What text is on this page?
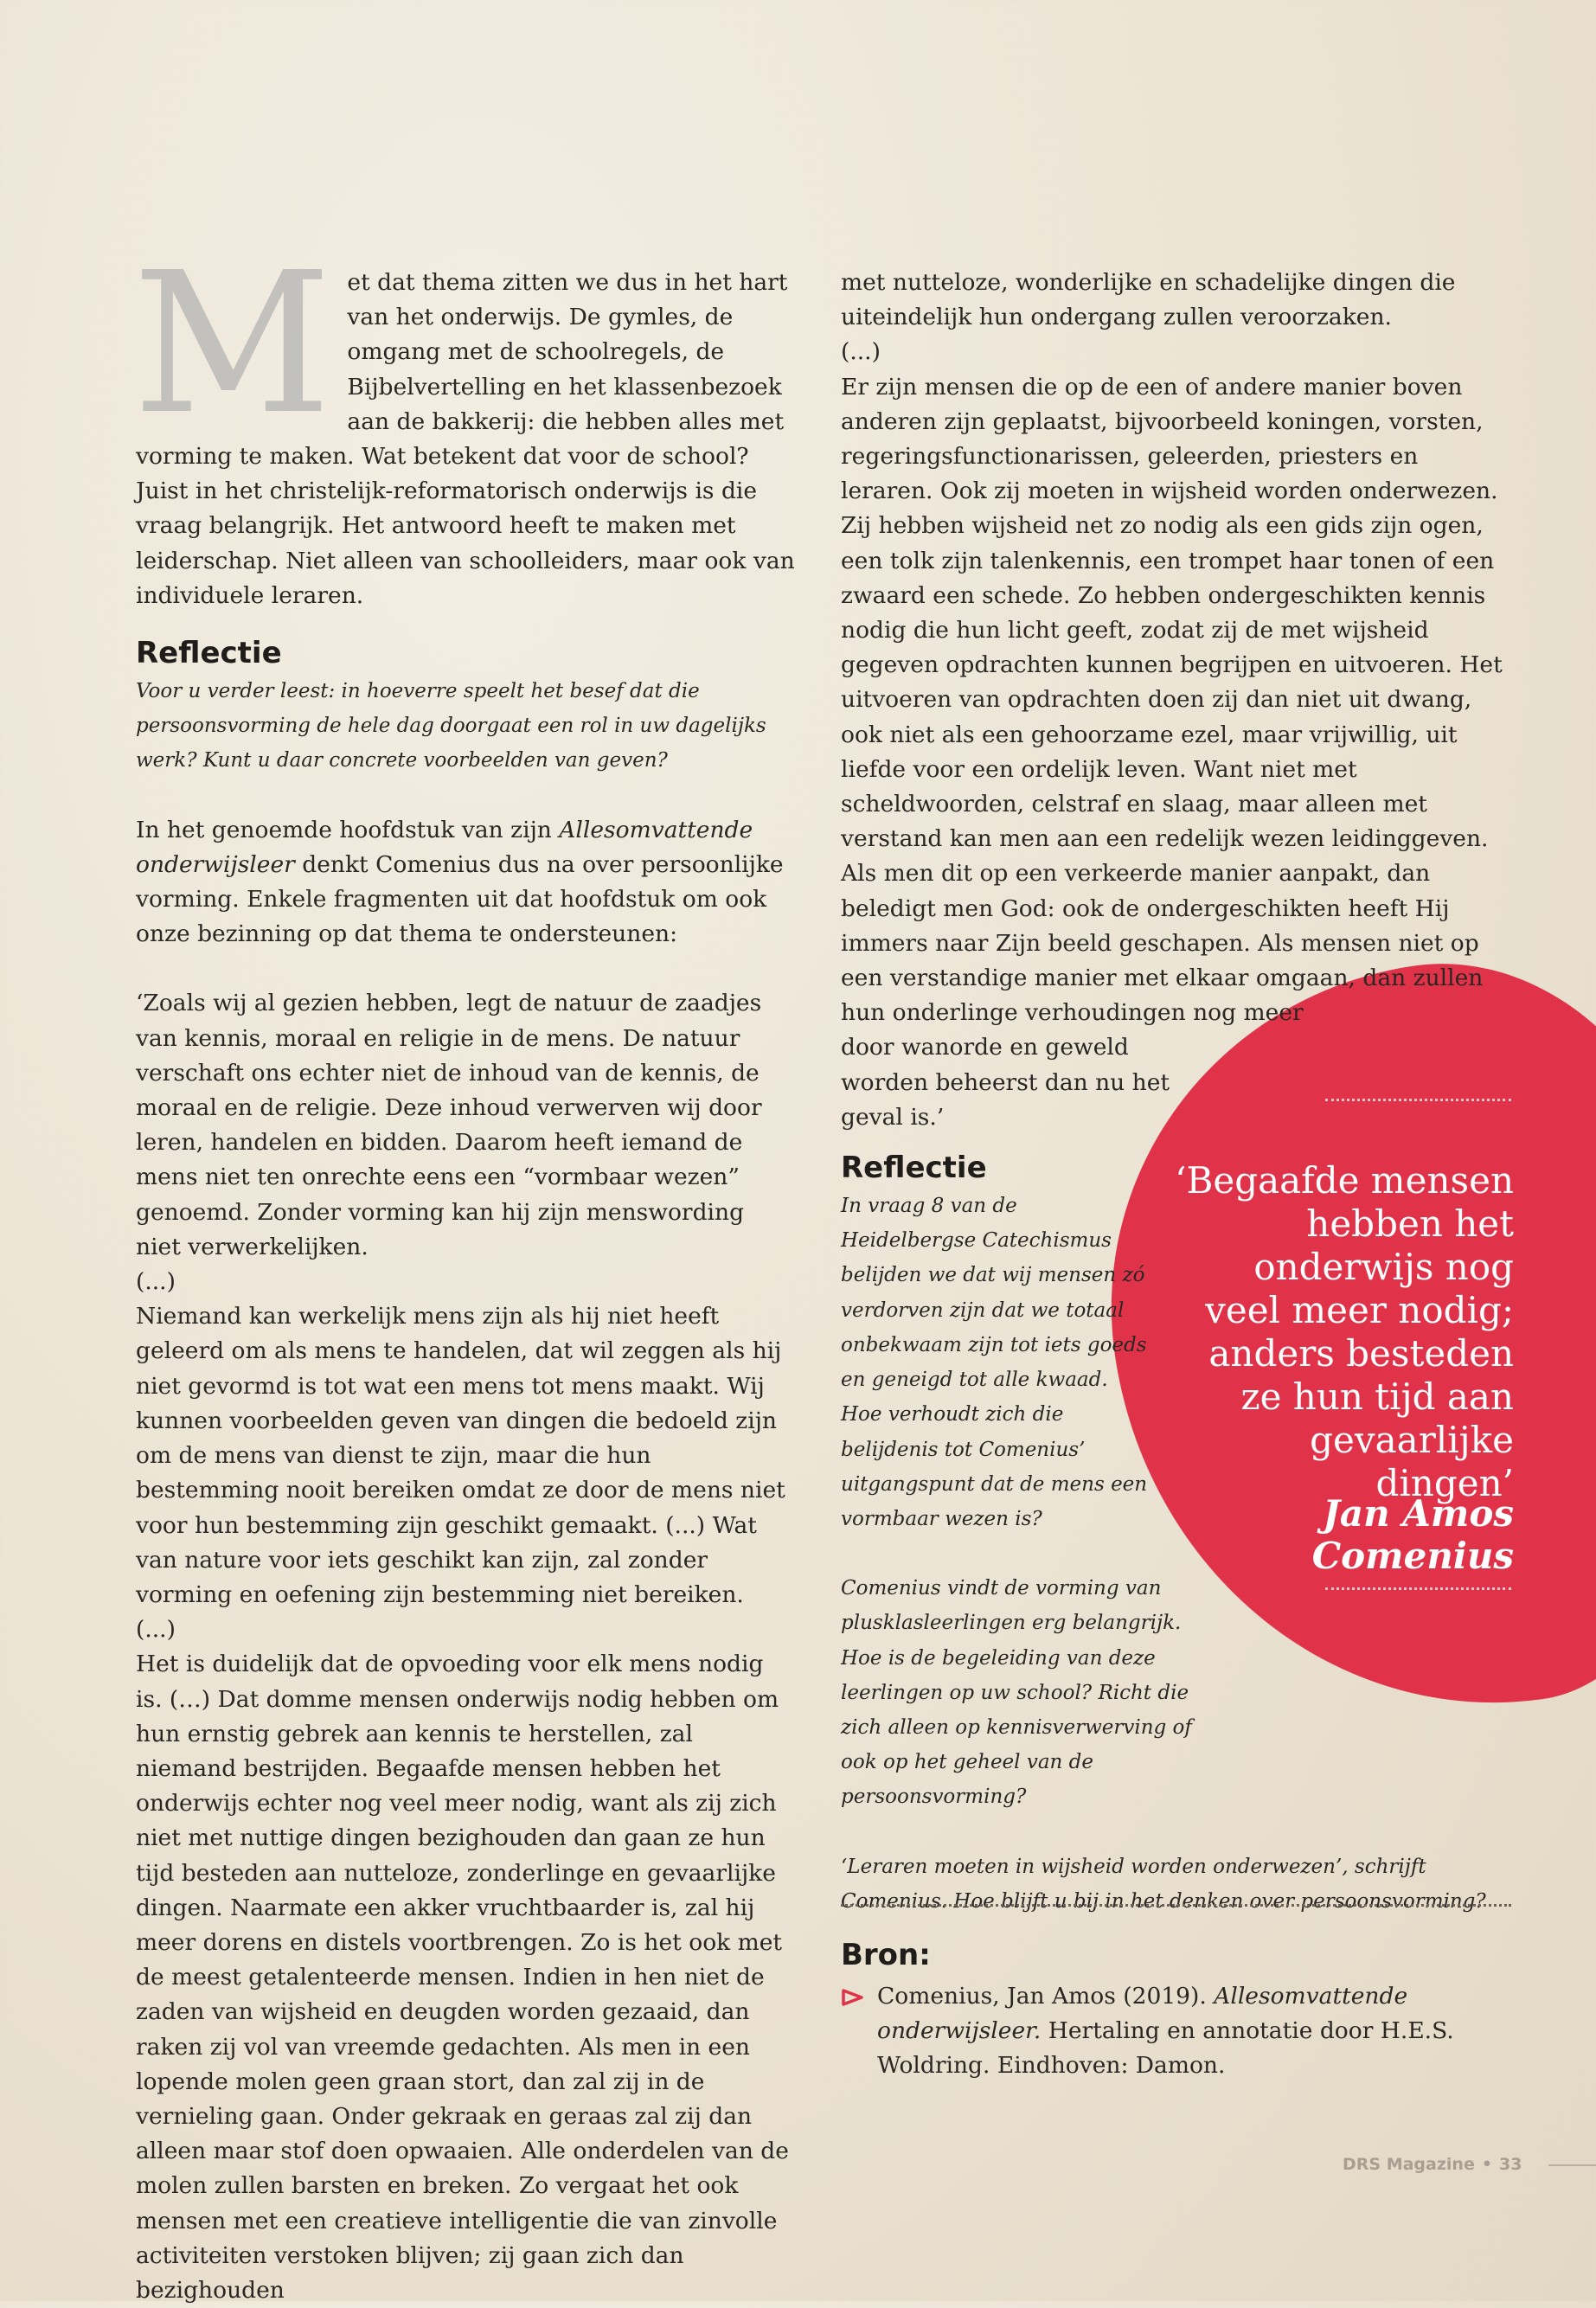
M et dat thema zitten we dus in het hart van het onderwijs. De gymles, de omgang met de schoolregels, de Bijbelvertelling en het klassenbezoek aan de bakkerij: die hebben alles met vorming te maken. Wat betekent dat voor de school? Juist in het christelijk-reformatorisch onderwijs is die vraag belangrijk. Het antwoord heeft te maken met leiderschap. Niet alleen van schoolleiders, maar ook van individuele leraren.

Reflectie

Voor u verder leest: in hoeverre speelt het besef dat die persoonsvorming de hele dag doorgaat een rol in uw dagelijks werk? Kunt u daar concrete voorbeelden van geven?

In het genoemde hoofdstuk van zijn Allesomvattende onderwijsleer denkt Comenius dus na over persoonlijke vorming. Enkele fragmenten uit dat hoofdstuk om ook onze bezinning op dat thema te ondersteunen:

‘Zoals wij al gezien hebben, legt de natuur de zaadjes van kennis, moraal en religie in de mens. De natuur verschaft ons echter niet de inhoud van de kennis, de moraal en de religie. Deze inhoud verwerven wij door leren, handelen en bidden. Daarom heeft iemand de mens niet ten onrechte eens een “vormbaar wezen” genoemd. Zonder vorming kan hij zijn menswording niet verwerkelijken.

(...)

Niemand kan werkelijk mens zijn als hij niet heeft geleerd om als mens te handelen, dat wil zeggen als hij niet gevormd is tot wat een mens tot mens maakt. Wij kunnen voorbeelden geven van dingen die bedoeld zijn om de mens van dienst te zijn, maar die hun bestemming nooit bereiken omdat ze door de mens niet voor hun bestemming zijn geschikt gemaakt. (...) Wat van nature voor iets geschikt kan zijn, zal zonder vorming en oefening zijn bestemming niet bereiken.

(...)

Het is duidelijk dat de opvoeding voor elk mens nodig is. (…) Dat domme mensen onderwijs nodig hebben om hun ernstig gebrek aan kennis te herstellen, zal niemand bestrijden. Begaafde mensen hebben het onderwijs echter nog veel meer nodig, want als zij zich niet met nuttige dingen bezighouden dan gaan ze hun tijd besteden aan nutteloze, zonderlinge en gevaarlijke dingen. Naarmate een akker vruchtbaarder is, zal hij meer dorens en distels voortbrengen. Zo is het ook met de meest getalenteerde mensen. Indien in hen niet de zaden van wijsheid en deugden worden gezaaid, dan raken zij vol van vreemde gedachten. Als men in een lopende molen geen graan stort, dan zal zij in de vernieling gaan. Onder gekraak en geraas zal zij dan alleen maar stof doen opwaaien. Alle onderdelen van de molen zullen barsten en breken. Zo vergaat het ook mensen met een creatieve intelligentie die van zinvolle activiteiten verstoken blijven; zij gaan zich dan bezighouden

‘Begaafde mensen hebben het onderwijs nog veel meer nodig; anders besteden ze hun tijd aan gevaarlijke dingen’
Jan Amos Comenius

met nutteloze, wonderlijke en schadelijke dingen die uiteindelijk hun ondergang zullen veroorzaken.

(...)

Er zijn mensen die op de een of andere manier boven anderen zijn geplaatst, bijvoorbeeld koningen, vorsten, regeringsfunctionarissen, geleerden, priesters en leraren. Ook zij moeten in wijsheid worden onderwezen. Zij hebben wijsheid net zo nodig als een gids zijn ogen, een tolk zijn talenkennis, een trompet haar tonen of een zwaard een schede. Zo hebben ondergeschikten kennis nodig die hun licht geeft, zodat zij de met wijsheid gegeven opdrachten kunnen begrijpen en uitvoeren. Het uitvoeren van opdrachten doen zij dan niet uit dwang, ook niet als een gehoorzame ezel, maar vrijwillig, uit liefde voor een ordelijk leven. Want niet met scheldwoorden, celstraf en slaag, maar alleen met verstand kan men aan een redelijk wezen leidinggeven. Als men dit op een verkeerde manier aanpakt, dan beledigt men God: ook de ondergeschikten heeft Hij immers naar Zijn beeld geschapen. Als mensen niet op een verstandige manier met elkaar omgaan, dan zullen hun onderlinge verhoudingen nog meer

door wanorde en geweld worden beheerst dan nu het geval is.’

Reflectie

In vraag 8 van de Heidelbergse Catechismus belijden we dat wij mensen zó verdorven zijn dat we totaal onbekwaam zijn tot iets goeds en geneigd tot alle kwaad. Hoe verhoudt zich die belijdenis tot Comenius’ uitgangspunt dat de mens een vormbaar wezen is?

Comenius vindt de vorming van plusklasleerlingen erg belangrijk. Hoe is de begeleiding van deze leerlingen op uw school? Richt die zich alleen op kennisverwerving of ook op het geheel van de persoonsvorming?

‘Leraren moeten in wijsheid worden onderwezen’, schrijft Comenius. Hoe blijft u bij in het denken over persoonsvorming?

Bron:
Comenius, Jan Amos (2019). Allesomvattende onderwijsleer. Hertaling en annotatie door H.E.S. Woldring. Eindhoven: Damon.
DRS Magazine • 33
